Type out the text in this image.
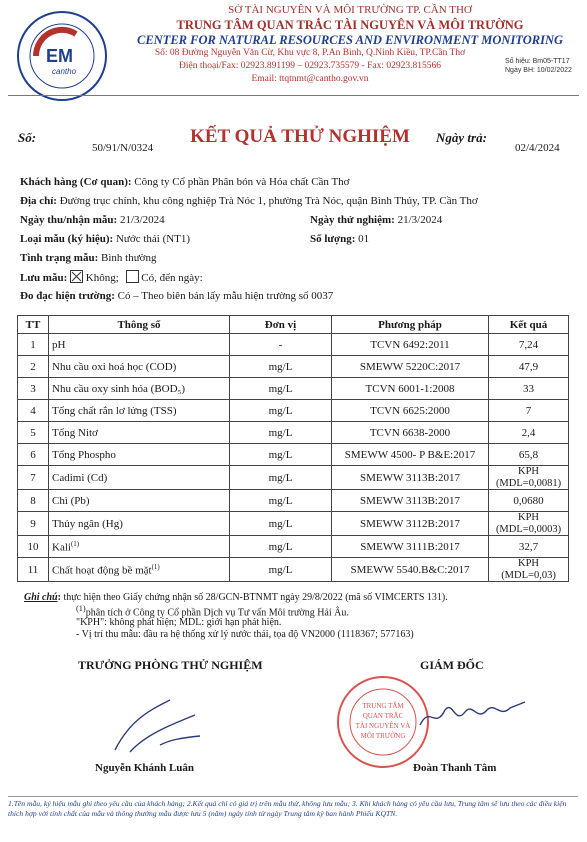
EM
cantho
SỞ TÀI NGUYÊN VÀ MÔI TRƯỜNG TP. CẦN THƠ
TRUNG TÂM QUAN TRẮC TÀI NGUYÊN VÀ MÔI TRƯỜNG
CENTER FOR NATURAL RESOURCES AND ENVIRONMENT MONITORING
Số: 08 Đường Nguyễn Văn Cừ, Khu vực 8, P.An Bình, Q.Ninh Kiều, TP.Cần Thơ
Điện thoại/Fax: 02923.891199 – 02923.735579 - Fax: 02923.815566
Email: ttqtnmt@cantho.gov.vn
Số hiệu: Bm05-TT17
Ngày BH: 10/02/2022
Số:
50/91/N/0324
KẾT QUẢ THỬ NGHIỆM	Ngày trả:
02/4/2024
Khách hàng (Cơ quan): Công ty Cổ phần Phân bón và Hóa chất Cần Thơ
Địa chỉ: Đường trục chính, khu công nghiệp Trà Nóc 1, phường Trà Nóc, quận Bình Thủy, TP. Cần Thơ
Ngày thu/nhận mẫu: 21/3/2024	Ngày thử nghiệm: 21/3/2024
Loại mẫu (ký hiệu): Nước thải (NT1)	Số lượng: 01
Tình trạng mẫu: Bình thường
Lưu mẫu: Không; Có, đến ngày:
Đo đạc hiện trường: Có – Theo biên bản lấy mẫu hiện trường số 0037
TT	Thông số	Đơn vị	Phương pháp	Kết quả
1	pH	-	TCVN 6492:2011	7,24
2	Nhu cầu oxi hoá học (COD)	mg/L	SMEWW 5220C:2017	47,9
3	Nhu cầu oxy sinh hóa (BOD₅)	mg/L	TCVN 6001-1:2008	33
4	Tổng chất rắn lơ lửng (TSS)	mg/L	TCVN 6625:2000	7
5	Tổng Nitơ	mg/L	TCVN 6638-2000	2,4
6	Tổng Phospho	mg/L	SMEWW 4500- P B&E:2017	65,8
7	Cadimi (Cd)	mg/L	SMEWW 3113B:2017	KPH
(MDL=0,0081)

8	Chì (Pb)	mg/L	SMEWW 3113B:2017	0,0680
9	Thủy ngân (Hg)	mg/L	SMEWW 3112B:2017	KPH
(MDL=0,0003)

10	Kali$^{(1)}$	mg/L	SMEWW 3111B:2017	32,7
11	Chất hoạt động bề mặt$^{(1)}$	mg/L	SMEWW 5540.B&C:2017	KPH
(MDL=0,03)
Ghi chú: thực hiện theo Giấy chứng nhận số 28/GCN-BTNMT ngày 29/8/2022 (mã số VIMCERTS 131).
$^{(1)}$phân tích ở Công ty Cổ phần Dịch vụ Tư vấn Môi trường Hải Âu.
"KPH": không phát hiện; MDL: giới hạn phát hiện.
- Vị trí thu mẫu: đầu ra hệ thống xử lý nước thải, tọa độ VN2000 (1118367; 577163)
TRƯỞNG PHÒNG THỬ NGHIỆM	GIÁM ĐỐC
TRUNG TÂM
QUAN TRẮC
TÀI NGUYÊN VÀ
MÔI TRƯỜNG
Nguyễn Khánh Luân	Đoàn Thanh Tâm
1.Tên mẫu, ký hiệu mẫu ghi theo yêu cầu của khách hàng; 2.Kết quả chỉ có giá trị trên mẫu thử, không lưu mẫu; 3. Khi khách hàng có yêu cầu lưu, Trung tâm sẽ lưu theo các điều kiện thích hợp với tính chất của mẫu và thông thường mẫu được lưu 5 (năm) ngày tính từ ngày Trung tâm ký ban hành Phiếu KQTN.
